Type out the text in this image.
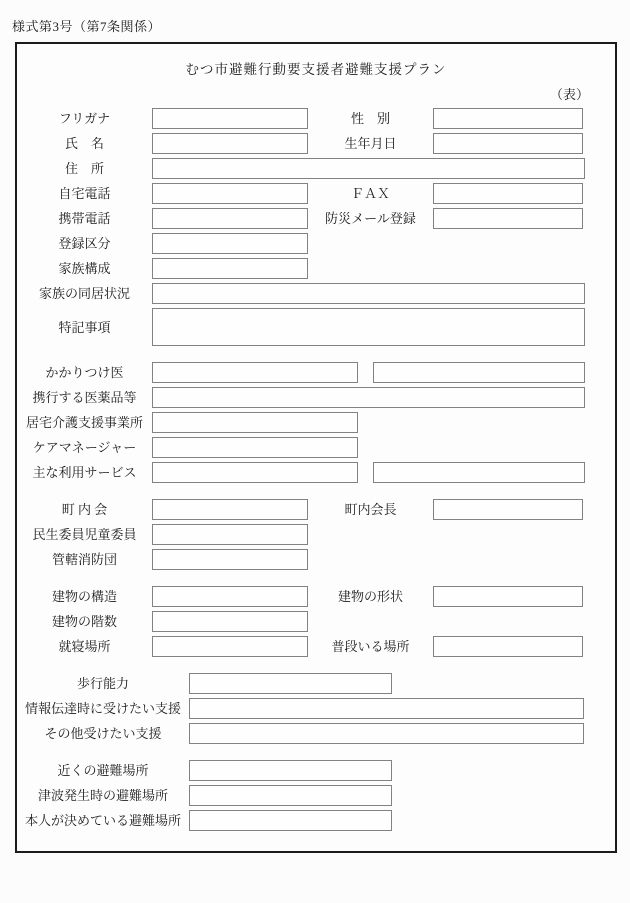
様式第3号（第7条関係）
むつ市避難行動要支援者避難支援プラン
（表）
フリガナ	性　別
氏　名	生年月日
住　所
自宅電話	ＦＡＸ
携帯電話	防災メール登録
登録区分
家族構成
家族の同居状況
特記事項
かかりつけ医
携行する医薬品等
居宅介護支援事業所
ケアマネージャー
主な利用サービス
町 内 会	町内会長
民生委員児童委員
管轄消防団
建物の構造	建物の形状
建物の階数
就寝場所	普段いる場所
歩行能力
情報伝達時に受けたい支援
その他受けたい支援
近くの避難場所
津波発生時の避難場所
本人が決めている避難場所
